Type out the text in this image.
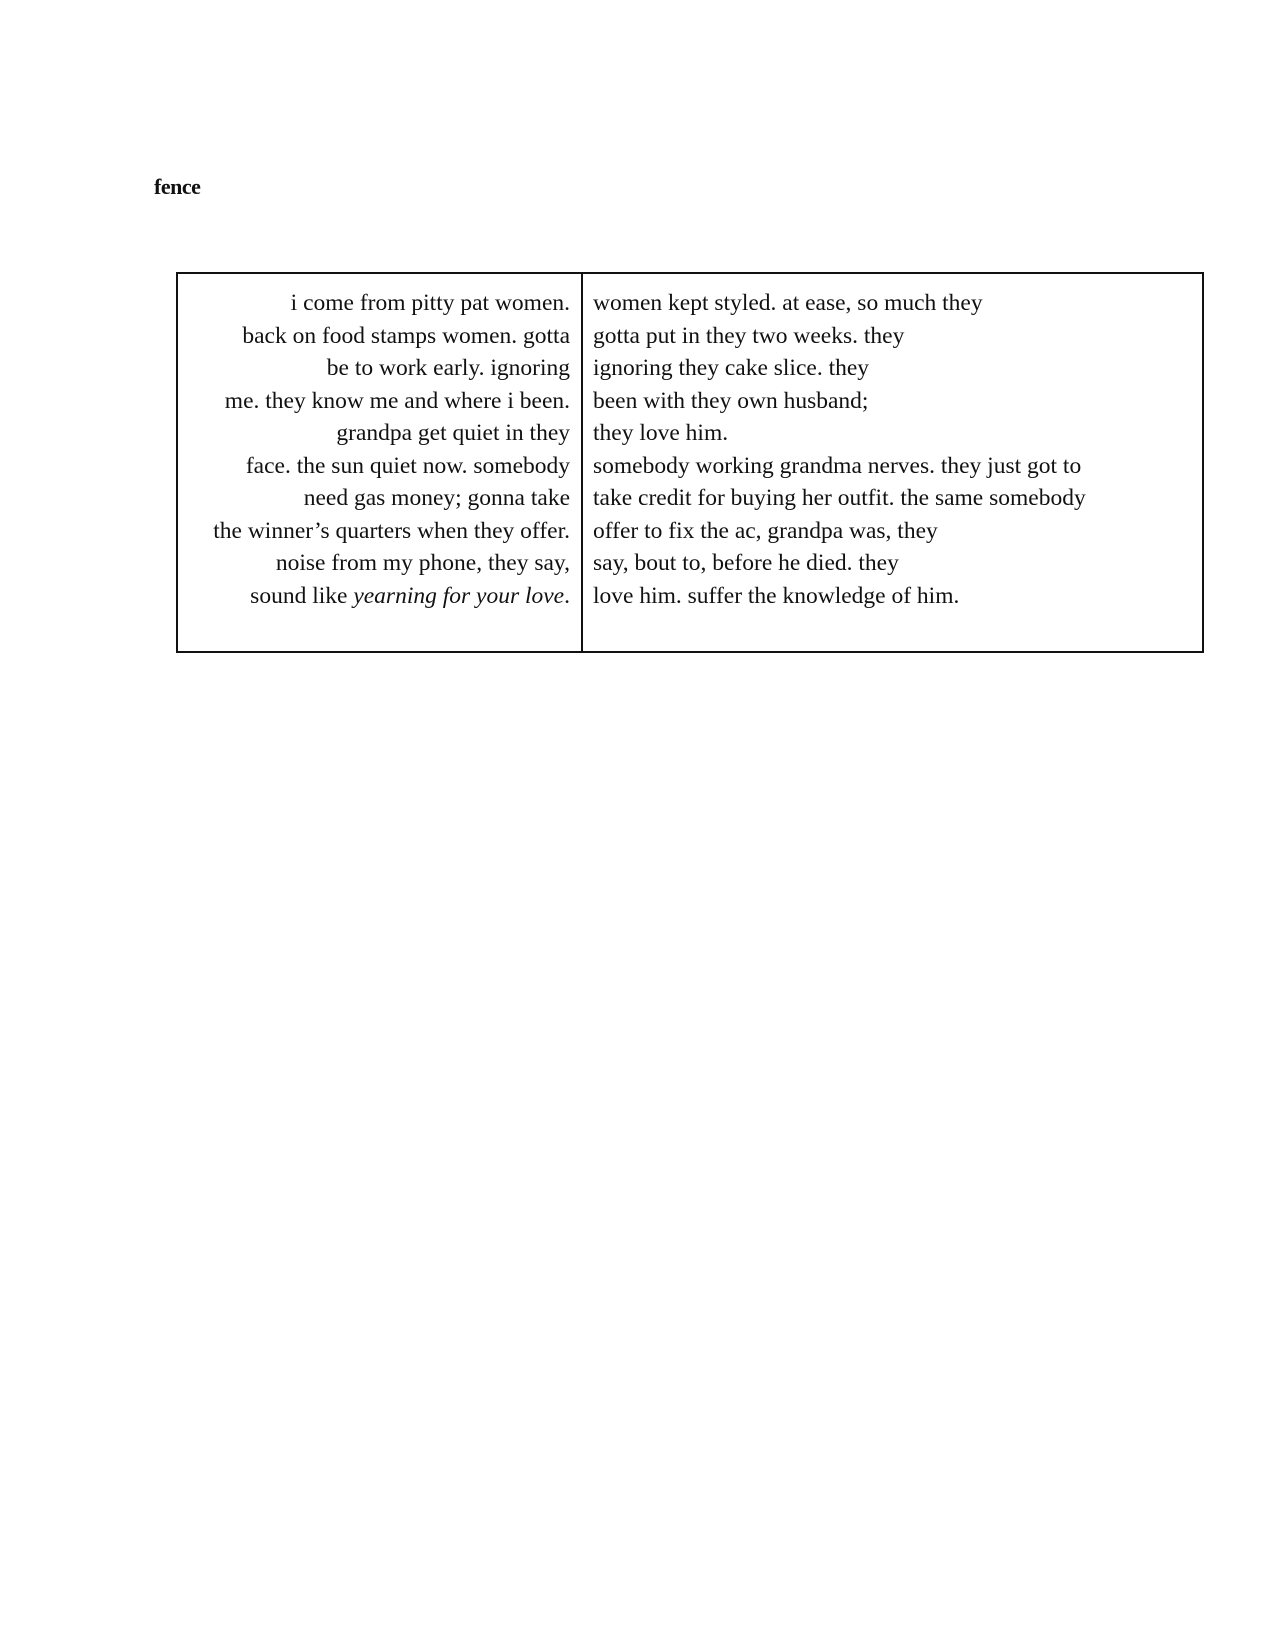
fence
i come from pitty pat women.
back on food stamps women. gotta
be to work early. ignoring
me. they know me and where i been.
grandpa get quiet in they
face. the sun quiet now. somebody
need gas money; gonna take
the winner’s quarters when they offer.
noise from my phone, they say,
sound like yearning for your love.
women kept styled. at ease, so much they
gotta put in they two weeks. they
ignoring they cake slice. they
been with they own husband;
they love him.
somebody working grandma nerves. they just got to
take credit for buying her outfit. the same somebody
offer to fix the ac, grandpa was, they
say, bout to, before he died. they
love him. suffer the knowledge of him.
